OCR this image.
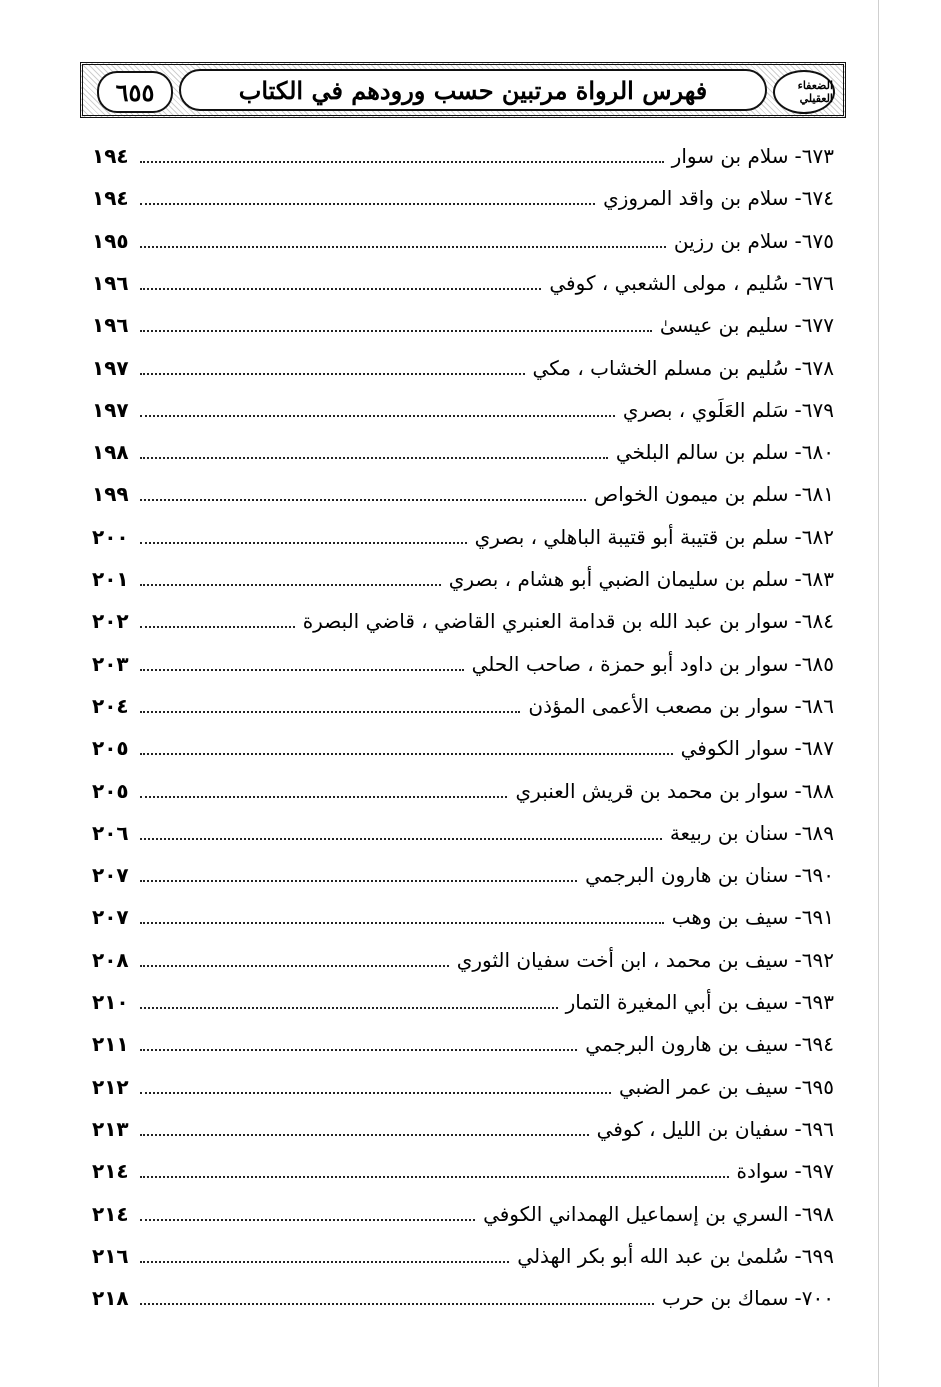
٦٥٥	فهرس الرواة مرتبين حسب ورودهم في الكتاب	الضعفاء العقيلي
٦٧٣
-
سلام بن سوار
١٩٤
٦٧٤
-
سلام بن واقد المروزي
١٩٤
٦٧٥
-
سلام بن رزين
١٩٥
٦٧٦
-
سُليم ، مولى الشعبي ، كوفي
١٩٦
٦٧٧
-
سليم بن عيسىٰ
١٩٦
٦٧٨
-
سُليم بن مسلم الخشاب ، مكي
١٩٧
٦٧٩
-
سَلم العَلَوي ، بصري
١٩٧
٦٨٠
-
سلم بن سالم البلخي
١٩٨
٦٨١
-
سلم بن ميمون الخواص
١٩٩
٦٨٢
-
سلم بن قتيبة أبو قتيبة الباهلي ، بصري
٢٠٠
٦٨٣
-
سلم بن سليمان الضبي أبو هشام ، بصري
٢٠١
٦٨٤
-
سوار بن عبد الله بن قدامة العنبري القاضي ، قاضي البصرة
٢٠٢
٦٨٥
-
سوار بن داود أبو حمزة ، صاحب الحلي
٢٠٣
٦٨٦
-
سوار بن مصعب الأعمى المؤذن
٢٠٤
٦٨٧
-
سوار الكوفي
٢٠٥
٦٨٨
-
سوار بن محمد بن قريش العنبري
٢٠٥
٦٨٩
-
سنان بن ربيعة
٢٠٦
٦٩٠
-
سنان بن هارون البرجمي
٢٠٧
٦٩١
-
سيف بن وهب
٢٠٧
٦٩٢
-
سيف بن محمد ، ابن أخت سفيان الثوري
٢٠٨
٦٩٣
-
سيف بن أبي المغيرة التمار
٢١٠
٦٩٤
-
سيف بن هارون البرجمي
٢١١
٦٩٥
-
سيف بن عمر الضبي
٢١٢
٦٩٦
-
سفيان بن الليل ، كوفي
٢١٣
٦٩٧
-
سوادة
٢١٤
٦٩٨
-
السري بن إسماعيل الهمداني الكوفي
٢١٤
٦٩٩
-
سُلمىٰ بن عبد الله أبو بكر الهذلي
٢١٦
٧٠٠
-
سماك بن حرب
٢١٨
